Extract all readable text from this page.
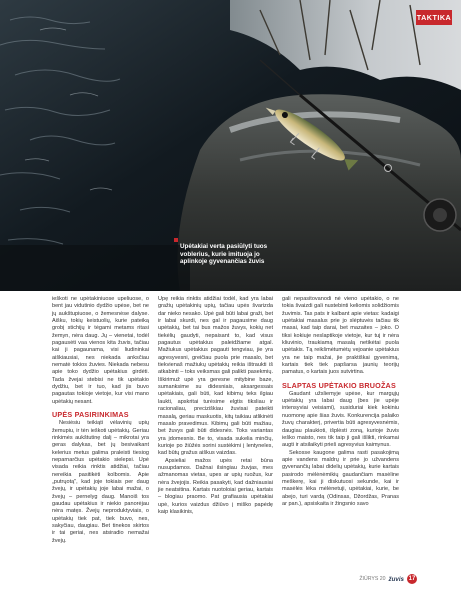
TAKTIKA
Upėtakiai verta pasiūlyti tuos voblerius, kurie imituoja jo aplinkoje gyvenančias žuvis

ieškoti ne upėtakiniuose upeliuose, o bent jau vidutinio dydžio upėse, bet ne jų aukštupiuose, o žemesnėse dalyse. Aišku, tokių keistuolių, kurie pateiką grobį stichijų ir tėgami metams ritasi žemyn, nėra daug. Jų – vienetai, todėl pagausėti vaa vienos kita žuvis, tačiau kai ji pagaunama, visi liudininkai aiškiausiai, nes niekada anksčiau nematė tokios žuvies. Niekada nebesu apie toko dydžio upėtakius girdėti. Tada žvejai stebisi ne tik upėtakio dydžiu, bet ir tuo, kad jis buvo pagautas tokioje vietoje, kur visi mano upėtakių nesant.

UPĖS PASIRINKIMAS

Nesiėsiu teikiąti vėlavinių upių žemupiu, ir tėn ieškoti upėtakių. Geriau rinkimės aukštutinę dalį – mikrotai yra geras dalykas, bet jų besivaikant kelerius metus galima praleisti tiesiog neparnarčius upėtakio sielepsi. Upė visada reikia rinktis atidžiai, tačiau nereikia pasitikėti kolbomis. Apie „putrųotą", kad joje tokiais per daug žvejų, ir upėtakių joje labai mažai, o žvejų – pernelyg daug. Manoiš tos gaudau upėtakius ir niekio panorėjau nėra matęs. Žvejų neproduktyviais, o upėtakių tiek pat, tiek buvo, nes, sakyčiau, daugiau. Bet tinekos skirtos ir tai geriai, nes atsiradio nemažai žvejų.

Upę reikia rinktis atidžiai todėl, kad yra labai gražių upėtakinių upių, tačiau upės švarizda dar nieko nesako. Upė gali būti labai graži, bet ir labai skurdi, nes gal ir pagausime daug upėtakių, bet tai bus mažos žuvys, kokių net tiekėlių gaudyti, nepaisant to, kad visus pagautus upėtakius paleidžiame atgal. Mažiukus upėtakius pagauti tengviau, jie yra agresyvesni, greičiau puola prie masalo, bet tiekvienaš mažiukų upėtakių reikia ištraukti iš atkabinti – toks veiksmas gali palikti pasekmių. Iškirimuž upė yra geresne mitybine baze, sumanksime su didesniais, aksargessais upėtakiais, gali būti, kad kibimų teks ilgiau laukti, apskritai turėsime elgtis tiksliau ir racionaliau, preciziškiau žuvisai pateikti masalą, geriau maskuotis, kitų taikiau atlikinėti masalo pravedimus. Kibimų gali būti mažiau, bet žuvys gali būti didesnės. Toks variantas yra įdomesnis. Be to, visada sukelia minčių, kurioje po žiūžės sorini sustėkimi į lentyneles, kad būtų gražus aiškus vaizdas.

Apsieliai mažos upės retai būna nusupdamos. Dažnai ilsingiau žuvjas, mes ažmanomas vietas, upes ar upių ruožus, kur nėra žvejojis. Reikia pasakyti, kad dažniausiai jie neatsitina. Kartais nuotoloiai geriau, kartais – blogiau praomo. Pat grafiausia upėtakiai upė, kurios vaizdus džiūvo į miško papėdę kaip klasikinis,

gali nepasitovanodi nė vieno upėtakio, o ne tokia švaizdi gali nustebinti keliomis solidžiomis žuvimis. Tas pats ir kalbant apie vietas: kadaigi upėtakiai masalus prie jo slėptuvės tačiau tik masai, kad taip darai, bet mazaites – joko. O tiksi kokiuje neslaptikoje vietoje, kur tuj ir nėra kliuvinio, traukiamą masalą netikėtai puola upėtakis. Tą reikšmėtumėtų vejoanie upėtakius yra ne taip mažai, jie praktiškai gyvenimą, kartais tiek tiek papšarsa jaunių teorijų pamatus, o kartais juos sutvirtina.

SLAPTAS UPĖTAKIO BRUOŽAS

Gaudant užsliemyje upėse, kur margųjų upėtakių yra labai daug (bes jie upėje intensyviai veisiami), susiduriai kiek kokiniu nuomonę apie šias žuvis. Konkurencija palaiko žuvų charakterį, privertia būti agresyvesnėmis, daugiau plaukioti, išplėsti zoną, kurioje žuvis ieško maisto, nes tik taip ji gali išlikti, rinkamai augti ir atsilaikyti prieš agresyvius kaimynus.

Sekosse kaugone galima rasti pasakojimą apie vandens maldrų ir prie jo užvandens gyvenančių labai didelių upėtakių, kurie kartais pasirodo mėlėnėmikių gaudančiam masėline meškerę, kai ji diskutuosi sekunde, kai ir masėlės lėka mėlėnetuji, upėtakiai, kurie, be abejo, turi vardą (Odinsas, Džordžas, Pranas ar pan.), apsiskaita ir žingsnio savo

ŽIŪRYS 20 žuvis 17
